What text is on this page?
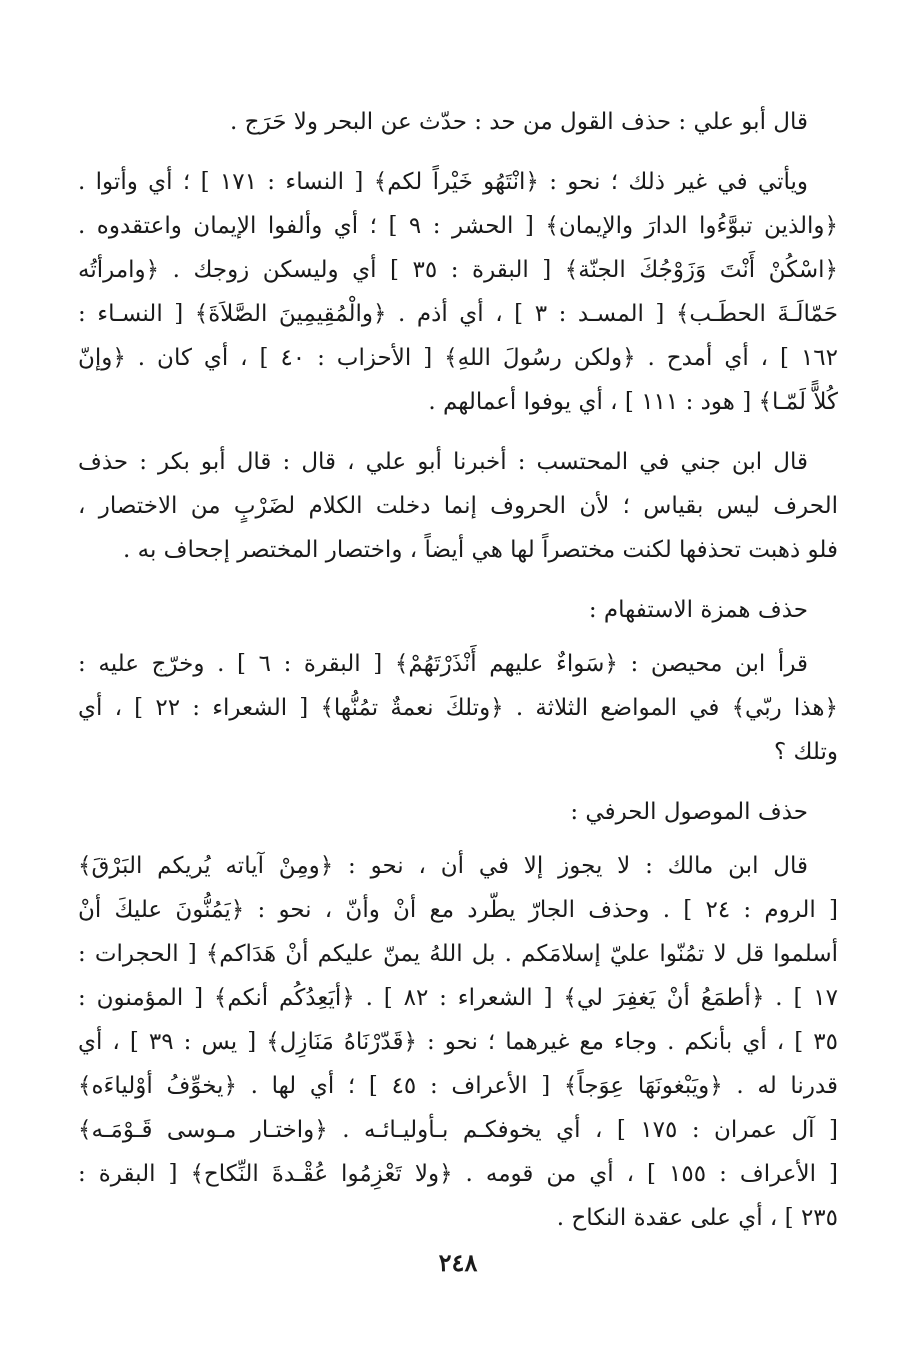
قال أبو علي : حذف القول من حد : حدّث عن البحر ولا حَرَج .
ويأتي في غير ذلك ؛ نحو : ﴿انْتَهُو خَيْراً لكم﴾ [ النساء : ١٧١ ] ؛ أي وأتوا .
﴿والذين تبوَّءُوا الدارَ والإيمان﴾ [ الحشر : ٩ ] ؛ أي وألفوا الإيمان واعتقدوه .
﴿اسْكُنْ أَنْتَ وَزَوْجُكَ الجنّة﴾ [ البقرة : ٣٥ ] أي وليسكن زوجك . ﴿وامرأتُه
حَمّالَـةَ الحطَـب﴾ [ المسـد : ٣ ] ، أي أذم . ﴿والْمُقِيمِينَ الصَّلاَةَ﴾ [ النسـاء :
١٦٢ ] ، أي أمدح . ﴿ولكن رسُولَ اللهِ﴾ [ الأحزاب : ٤٠ ] ، أي كان . ﴿وإنّ
كُلاًّ لَمّـا﴾ [ هود : ١١١ ] ، أي يوفوا أعمالهم .
قال ابن جني في المحتسب : أخبرنا أبو علي ، قال : قال أبو بكر : حذف
الحرف ليس بقياس ؛ لأن الحروف إنما دخلت الكلام لضَرْبٍ من الاختصار ،
فلو ذهبت تحذفها لكنت مختصراً لها هي أيضاً ، واختصار المختصر إجحاف به .
حذف همزة الاستفهام :
قرأ ابن محيصن : ﴿سَواءٌ عليهم أَنْذَرْتَهُمْ﴾ [ البقرة : ٦ ] . وخرّج عليه :
﴿هذا ربّي﴾ في المواضع الثلاثة . ﴿وتلكَ نعمةٌ تمُنُّها﴾ [ الشعراء : ٢٢ ] ، أي
وتلك ؟
حذف الموصول الحرفي :
قال ابن مالك : لا يجوز إلا في أن ، نحو : ﴿ومِنْ آياته يُريكم البَرْقَ﴾
[ الروم : ٢٤ ] . وحذف الجارّ يطّرد مع أنْ وأنّ ، نحو : ﴿يَمُنُّونَ عليكَ أنْ
أسلموا قل لا تمُنّوا عليّ إسلامَكم . بل اللهُ يمنّ عليكم أنْ هَدَاكم﴾ [ الحجرات :
١٧ ] . ﴿أطمَعُ أنْ يَغفِرَ لي﴾ [ الشعراء : ٨٢ ] . ﴿أيَعِدُكُم أنكم﴾ [ المؤمنون :
٣٥ ] ، أي بأنكم . وجاء مع غيرهما ؛ نحو : ﴿قَدّرْنَاهُ مَنَازِل﴾ [ يس : ٣٩ ] ، أي
قدرنا له . ﴿ويَبْغونَهَا عِوَجاً﴾ [ الأعراف : ٤٥ ] ؛ أي لها . ﴿يخوِّفُ أوْلياءَه﴾
[ آل عمران : ١٧٥ ] ، أي يخوفكـم بـأوليـائـه . ﴿واختـار مـوسى قَـوْمَـه﴾
[ الأعراف : ١٥٥ ] ، أي من قومه . ﴿ولا تَعْزِمُوا عُقْـدةَ النِّكاح﴾ [ البقرة :
٢٣٥ ] ، أي على عقدة النكاح .
٢٤٨
